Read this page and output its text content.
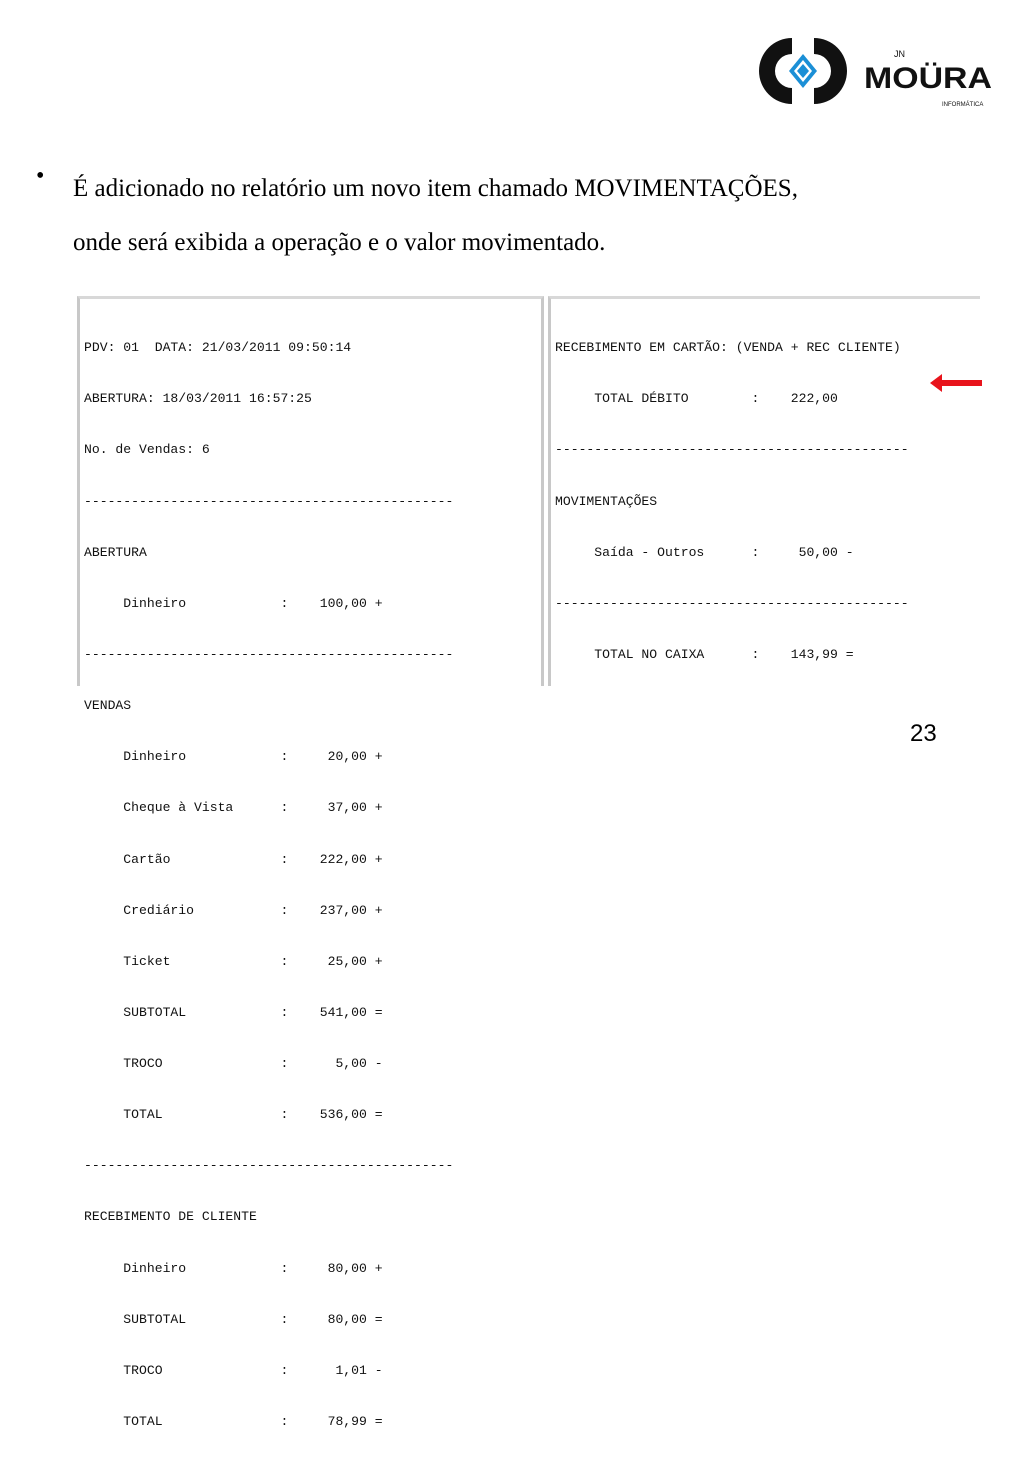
JN
MOÜRA
INFORMÁTICA
• É adicionado no relatório um novo item chamado MOVIMENTAÇÕES,

onde será exibida a operação e o valor movimentado.

PDV: 01  DATA: 21/03/2011 09:50:14

ABERTURA: 18/03/2011 16:57:25

No. de Vendas: 6

-----------------------------------------------

ABERTURA

Dinheiro            :    100,00 +

-----------------------------------------------

VENDAS

Dinheiro            :     20,00 +

Cheque à Vista      :     37,00 +

Cartão              :    222,00 +

Crediário           :    237,00 +

Ticket              :     25,00 +

SUBTOTAL            :    541,00 =

TROCO               :      5,00 -

TOTAL               :    536,00 =

-----------------------------------------------

RECEBIMENTO DE CLIENTE

Dinheiro            :     80,00 +

SUBTOTAL            :     80,00 =

TROCO               :      1,01 -

TOTAL               :     78,99 =

RECEBIMENTO EM CARTÃO: (VENDA + REC CLIENTE)

TOTAL DÉBITO        :    222,00

---------------------------------------------

MOVIMENTAÇÕES

Saída - Outros      :     50,00 -

---------------------------------------------

TOTAL NO CAIXA      :    143,99 =

23
